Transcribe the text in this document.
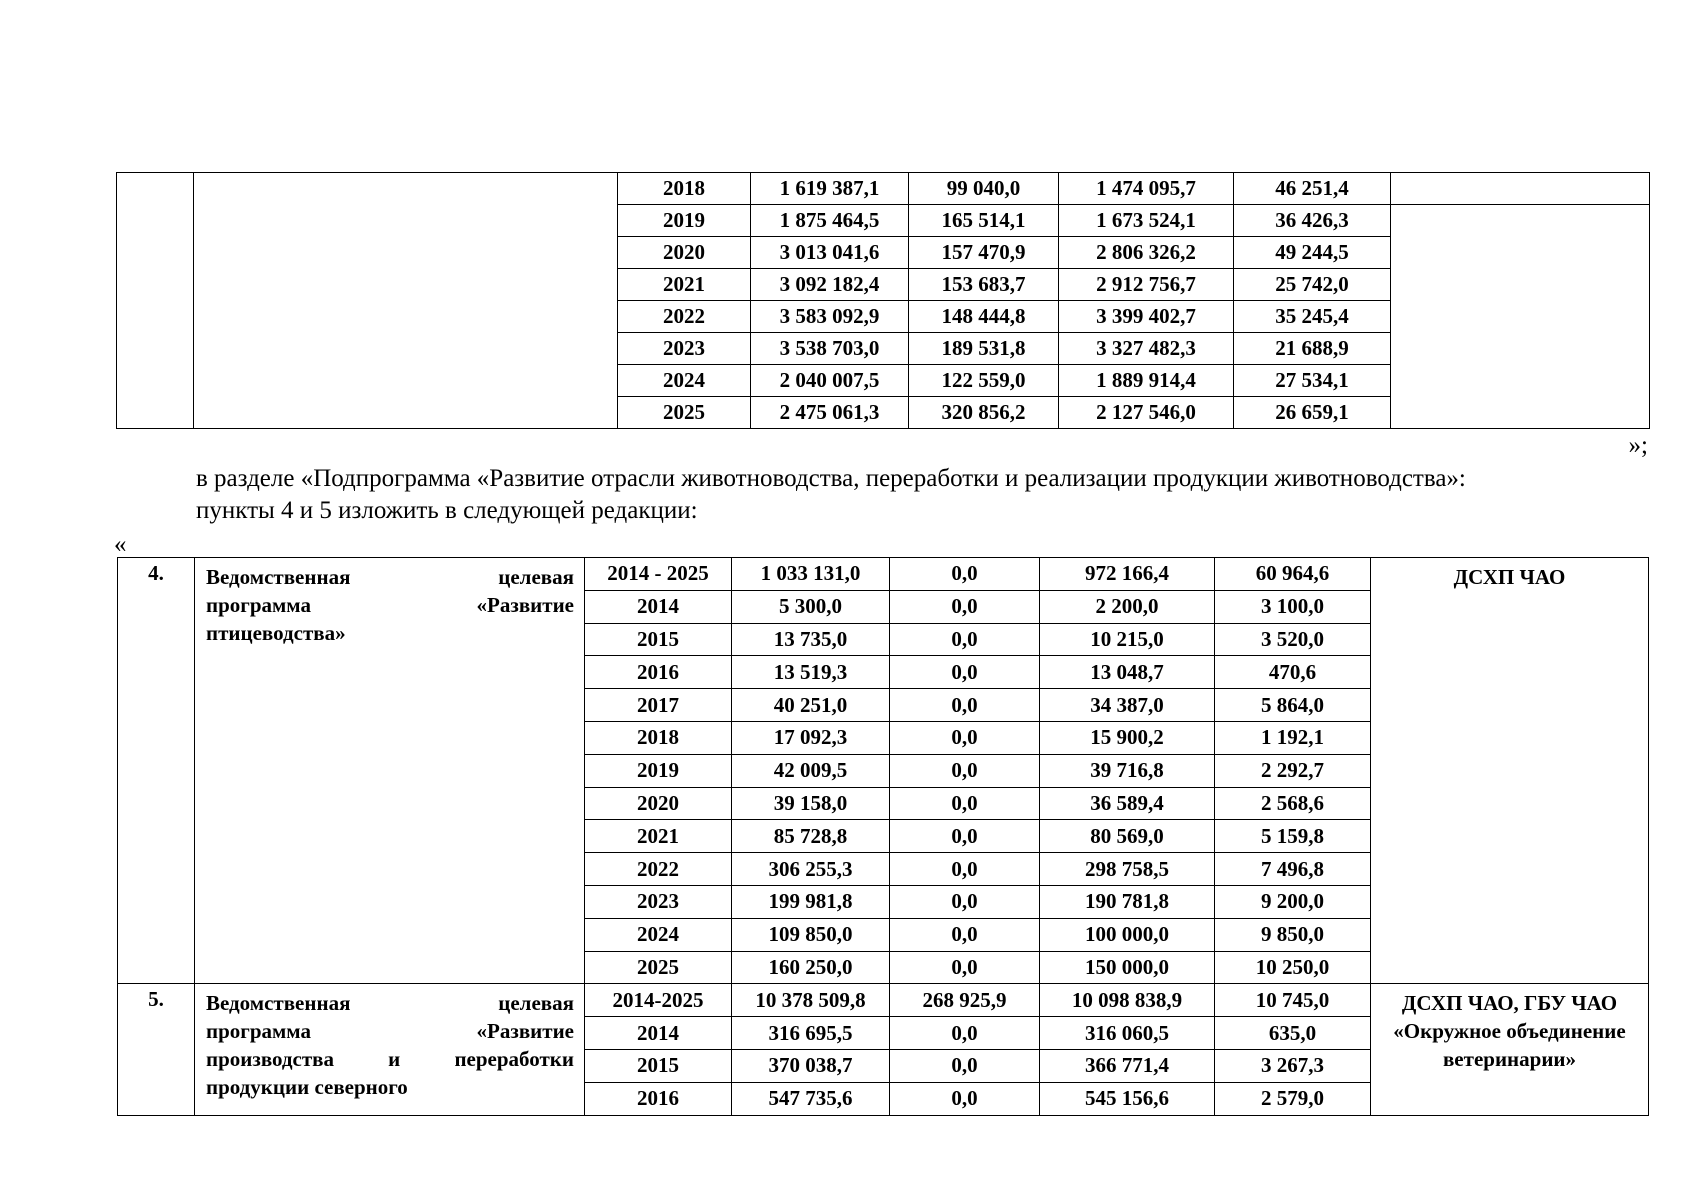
		2018	1 619 387,1	99 040,0	1 474 095,7	46 251,4	
		2019	1 875 464,5	165 514,1	1 673 524,1	36 426,3	
		2020	3 013 041,6	157 470,9	2 806 326,2	49 244,5	
		2021	3 092 182,4	153 683,7	2 912 756,7	25 742,0	
		2022	3 583 092,9	148 444,8	3 399 402,7	35 245,4	
		2023	3 538 703,0	189 531,8	3 327 482,3	21 688,9	
		2024	2 040 007,5	122 559,0	1 889 914,4	27 534,1	
		2025	2 475 061,3	320 856,2	2 127 546,0	26 659,1	
»;
в разделе «Подпрограмма «Развитие отрасли животноводства, переработки и реализации продукции животноводства»:
пункты 4 и 5 изложить в следующей редакции:
«
4.	Ведомственная целевая
программа «Развитие
птицеводства»	2014 - 2025	1 033 131,0	0,0	972 166,4	60 964,6	ДСХП ЧАО
		2014	5 300,0	0,0	2 200,0	3 100,0	
		2015	13 735,0	0,0	10 215,0	3 520,0	
		2016	13 519,3	0,0	13 048,7	470,6	
		2017	40 251,0	0,0	34 387,0	5 864,0	
		2018	17 092,3	0,0	15 900,2	1 192,1	
		2019	42 009,5	0,0	39 716,8	2 292,7	
		2020	39 158,0	0,0	36 589,4	2 568,6	
		2021	85 728,8	0,0	80 569,0	5 159,8	
		2022	306 255,3	0,0	298 758,5	7 496,8	
		2023	199 981,8	0,0	190 781,8	9 200,0	
		2024	109 850,0	0,0	100 000,0	9 850,0	
		2025	160 250,0	0,0	150 000,0	10 250,0	
5.	Ведомственная целевая
программа «Развитие
производства и переработки
продукции северного	2014-2025	10 378 509,8	268 925,9	10 098 838,9	10 745,0	ДСХП ЧАО, ГБУ ЧАО «Окружное объединение ветеринарии»
		2014	316 695,5	0,0	316 060,5	635,0	
		2015	370 038,7	0,0	366 771,4	3 267,3	
		2016	547 735,6	0,0	545 156,6	2 579,0	
